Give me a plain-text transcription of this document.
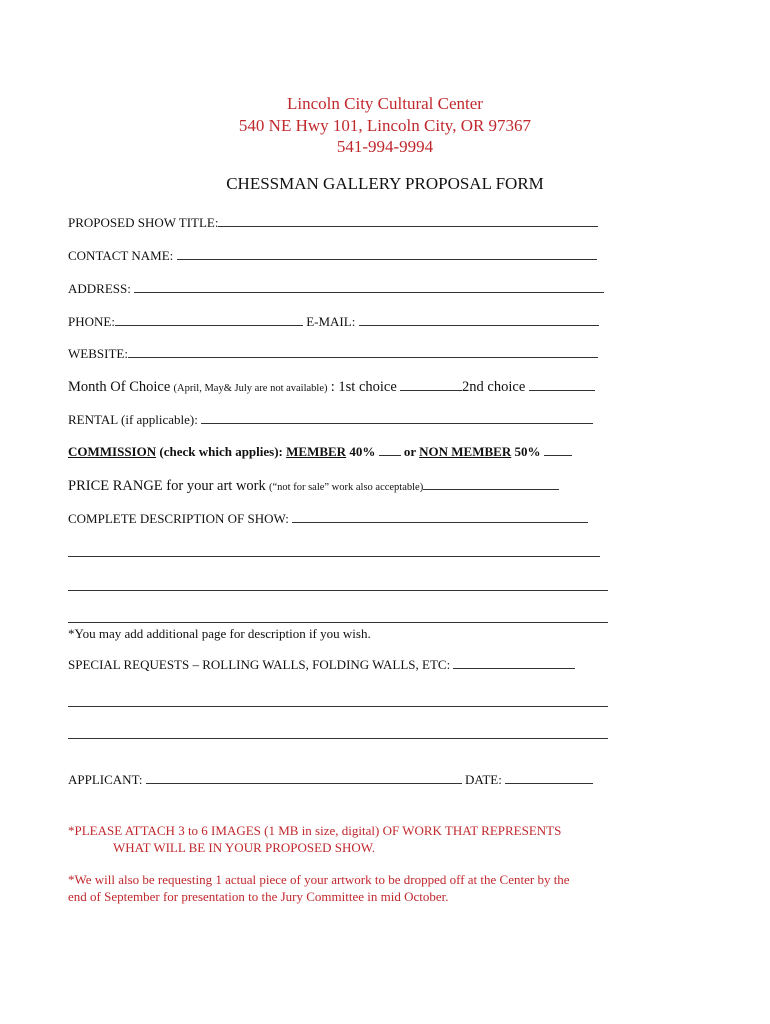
Lincoln City Cultural Center
540 NE Hwy 101, Lincoln City, OR 97367
541-994-9994
CHESSMAN GALLERY PROPOSAL FORM
PROPOSED SHOW TITLE:
CONTACT NAME:
ADDRESS:
PHONE:	E-MAIL:
WEBSITE:
Month Of Choice (April, May& July are not available) : 1st choice	2nd choice
RENTAL (if applicable):
COMMISSION (check which applies): MEMBER 40% or NON MEMBER 50%
PRICE RANGE for your art work (“not for sale” work also acceptable)
COMPLETE DESCRIPTION OF SHOW:
*You may add additional page for description if you wish.
SPECIAL REQUESTS – ROLLING WALLS, FOLDING WALLS, ETC:
APPLICANT:	DATE:
*PLEASE ATTACH 3 to 6 IMAGES (1 MB in size, digital) OF WORK THAT REPRESENTS
WHAT WILL BE IN YOUR PROPOSED SHOW.
*We will also be requesting 1 actual piece of your artwork to be dropped off at the Center by the
end of September for presentation to the Jury Committee in mid October.
